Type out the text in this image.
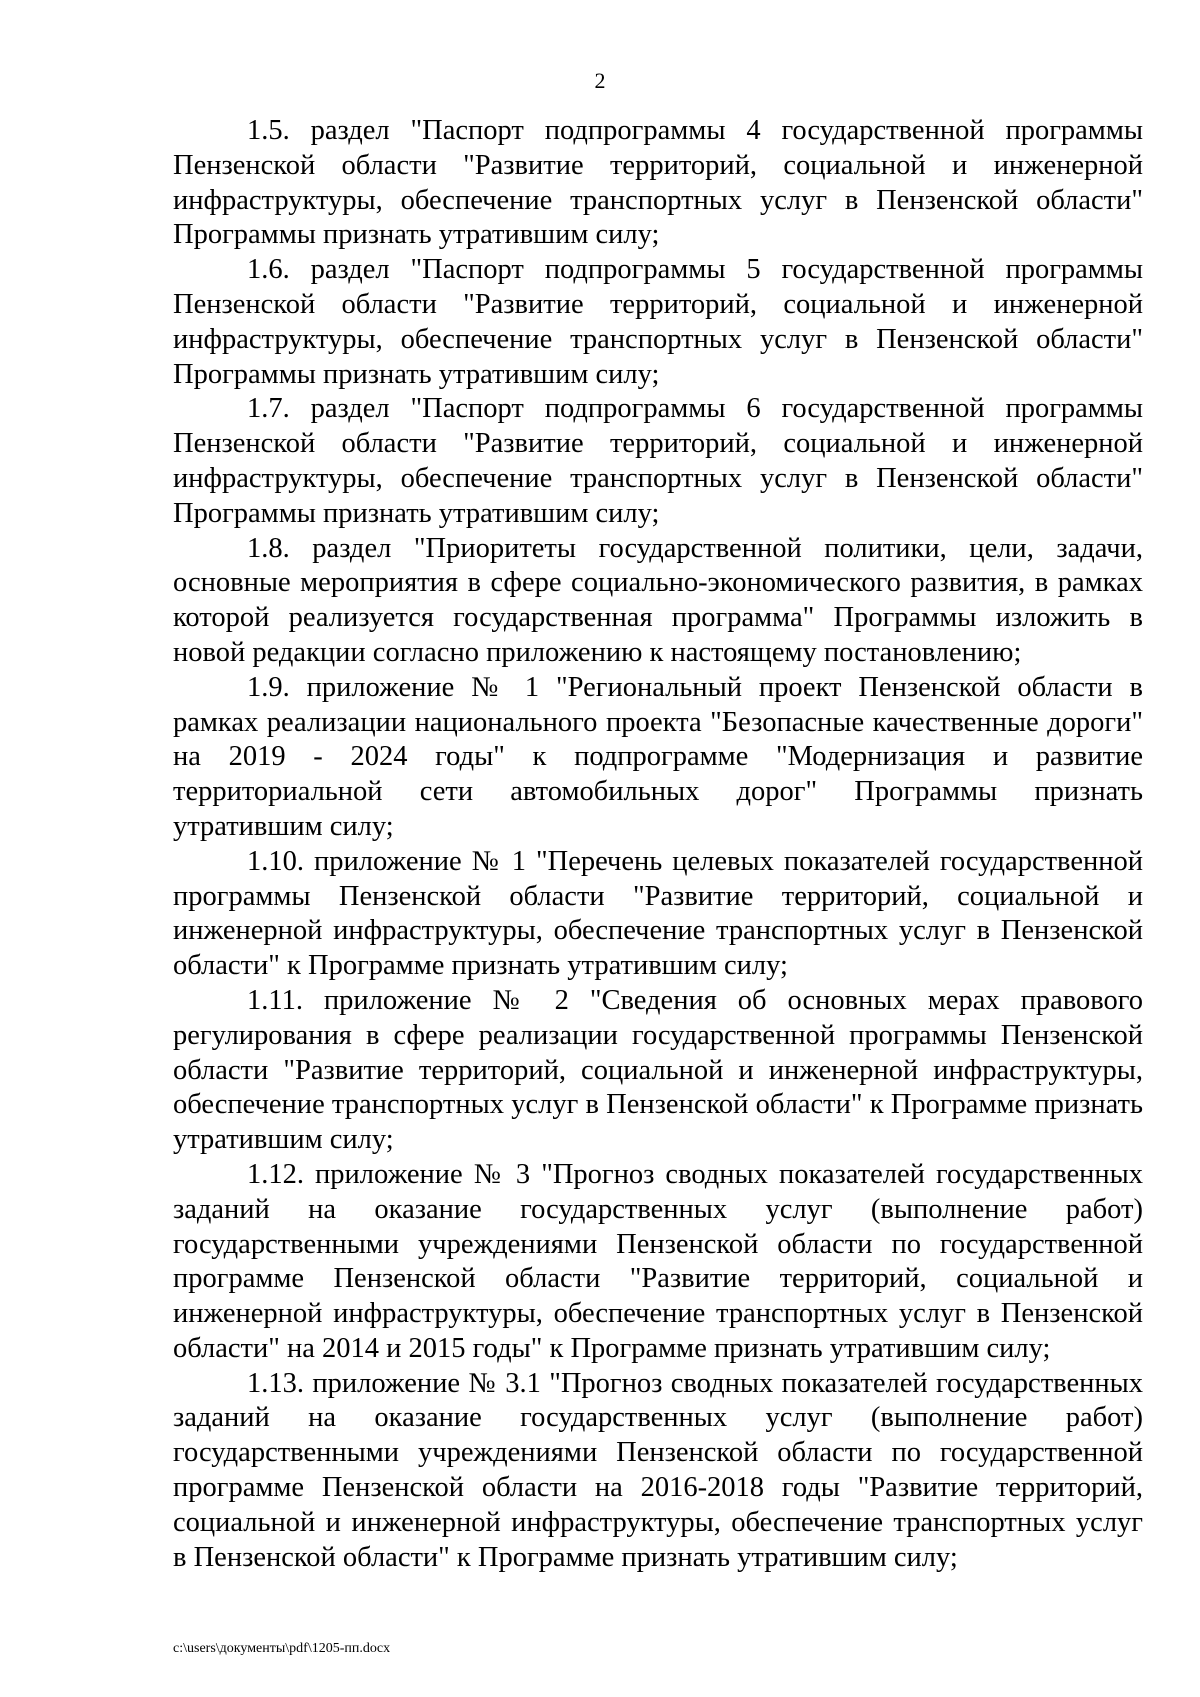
2

1.5. раздел "Паспорт подпрограммы 4 государственной программы Пензенской области "Развитие территорий, социальной и инженерной инфраструктуры, обеспечение транспортных услуг в Пензенской области" Программы признать утратившим силу;

1.6. раздел "Паспорт подпрограммы 5 государственной программы Пензенской области "Развитие территорий, социальной и инженерной инфраструктуры, обеспечение транспортных услуг в Пензенской области" Программы признать утратившим силу;

1.7. раздел "Паспорт подпрограммы 6 государственной программы Пензенской области "Развитие территорий, социальной и инженерной инфраструктуры, обеспечение транспортных услуг в Пензенской области" Программы признать утратившим силу;

1.8. раздел "Приоритеты государственной политики, цели, задачи, основные мероприятия в сфере социально-экономического развития, в рамках которой реализуется государственная программа" Программы изложить в новой редакции согласно приложению к настоящему постановлению;

1.9. приложение № 1 "Региональный проект Пензенской области в рамках реализации национального проекта "Безопасные качественные дороги" на 2019 - 2024 годы" к подпрограмме "Модернизация и развитие территориальной сети автомобильных дорог" Программы признать утратившим силу;

1.10. приложение № 1 "Перечень целевых показателей государственной программы Пензенской области "Развитие территорий, социальной и инженерной инфраструктуры, обеспечение транспортных услуг в Пензенской области" к Программе признать утратившим силу;

1.11. приложение № 2 "Сведения об основных мерах правового регулирования в сфере реализации государственной программы Пензенской области "Развитие территорий, социальной и инженерной инфраструктуры, обеспечение транспортных услуг в Пензенской области" к Программе признать утратившим силу;

1.12. приложение № 3 "Прогноз сводных показателей государственных заданий на оказание государственных услуг (выполнение работ) государственными учреждениями Пензенской области по государственной программе Пензенской области "Развитие территорий, социальной и инженерной инфраструктуры, обеспечение транспортных услуг в Пензенской области" на 2014 и 2015 годы" к Программе признать утратившим силу;

1.13. приложение № 3.1 "Прогноз сводных показателей государственных заданий на оказание государственных услуг (выполнение работ) государственными учреждениями Пензенской области по государственной программе Пензенской области на 2016-2018 годы "Развитие территорий, социальной и инженерной инфраструктуры, обеспечение транспортных услуг в Пензенской области" к Программе признать утратившим силу;

c:\users\документы\pdf\1205-пп.docx
